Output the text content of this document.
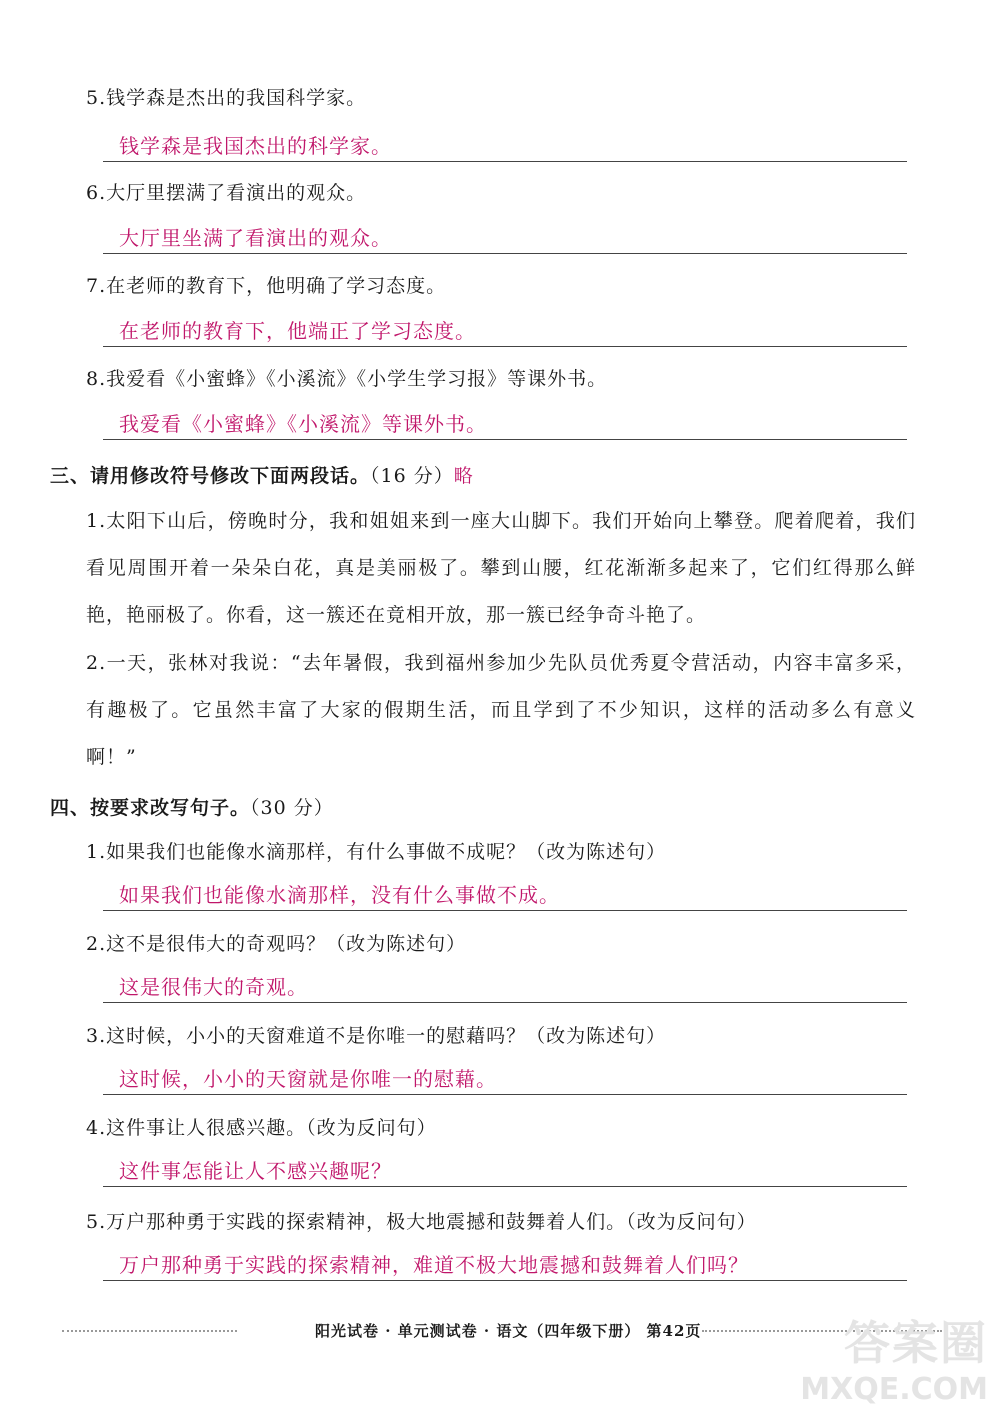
5.钱学森是杰出的我国科学家。
钱学森是我国杰出的科学家。
6.大厅里摆满了看演出的观众。
大厅里坐满了看演出的观众。
7.在老师的教育下，他明确了学习态度。
在老师的教育下，他端正了学习态度。
8.我爱看《小蜜蜂》《小溪流》《小学生学习报》等课外书。
我爱看《小蜜蜂》《小溪流》等课外书。
三、请用修改符号修改下面两段话。（16 分）略
1.太阳下山后，傍晚时分，我和姐姐来到一座大山脚下。我们开始向上攀登。爬着爬着，我们看见周围开着一朵朵白花，真是美丽极了。攀到山腰，红花渐渐多起来了，它们红得那么鲜艳，艳丽极了。你看，这一簇还在竟相开放，那一簇已经争奇斗艳了。
2.一天，张林对我说：“去年暑假，我到福州参加少先队员优秀夏令营活动，内容丰富多采，有趣极了。它虽然丰富了大家的假期生活，而且学到了不少知识，这样的活动多么有意义啊！”
四、按要求改写句子。（30 分）
1.如果我们也能像水滴那样，有什么事做不成呢？（改为陈述句）
如果我们也能像水滴那样，没有什么事做不成。
2.这不是很伟大的奇观吗？（改为陈述句）
这是很伟大的奇观。
3.这时候，小小的天窗难道不是你唯一的慰藉吗？（改为陈述句）
这时候，小小的天窗就是你唯一的慰藉。
4.这件事让人很感兴趣。（改为反问句）
这件事怎能让人不感兴趣呢？
5.万户那种勇于实践的探索精神，极大地震撼和鼓舞着人们。（改为反问句）
万户那种勇于实践的探索精神，难道不极大地震撼和鼓舞着人们吗？
阳光试卷 · 单元测试卷 · 语文（四年级下册） 第42页	答案圈
MXQE.COM
